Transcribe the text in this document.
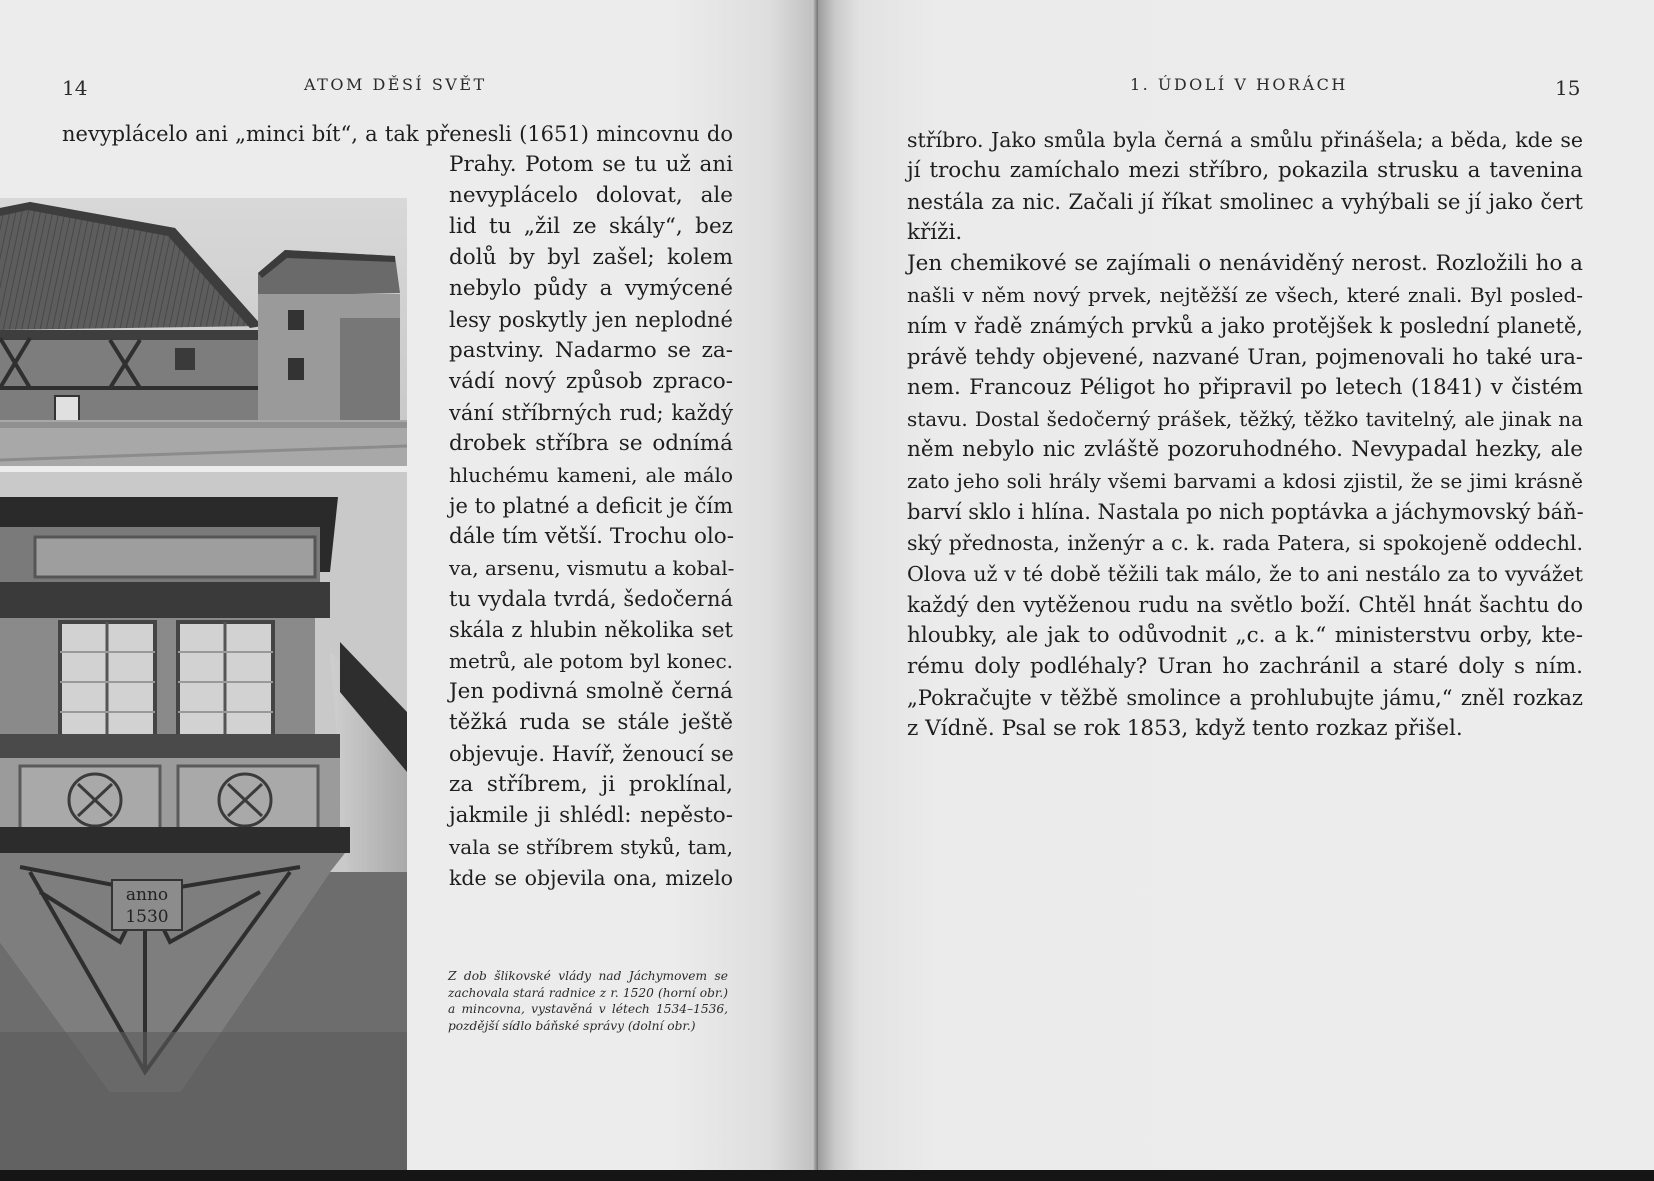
14	ATOM DĚSÍ SVĚT
anno
1530
nevyplácelo ani „minci bít“, a tak přenesli (1651) mincovnu do
Prahy. Potom se tu už ani
nevyplácelo dolovat, ale
lid tu „žil ze skály“, bez
dolů by byl zašel; kolem
nebylo půdy a vymýcené
lesy poskytly jen neplodné
pastviny. Nadarmo se za-
vádí nový způsob zpraco-
vání stříbrných rud; každý
drobek stříbra se odnímá
hluchému kameni, ale málo
je to platné a deficit je čím
dále tím větší. Trochu olo-
va, arsenu, vismutu a kobal-
tu vydala tvrdá, šedočerná
skála z hlubin několika set
metrů, ale potom byl konec.
Jen podivná smolně černá
těžká ruda se stále ještě
objevuje. Havíř, ženoucí se
za stříbrem, ji proklínal,
jakmile ji shlédl: nepěsto-
vala se stříbrem styků, tam,
kde se objevila ona, mizelo
Z dob šlikovské vlády nad Jáchymovem se zachovala stará radnice z r. 1520 (horní obr.) a mincovna, vystavěná v létech 1534–1536, pozdější sídlo báňské správy (dolní obr.)
1. ÚDOLÍ V HORÁCH	15
stříbro. Jako smůla byla černá a smůlu přinášela; a běda, kde se
jí trochu zamíchalo mezi stříbro, pokazila strusku a tavenina
nestála za nic. Začali jí říkat smolinec a vyhýbali se jí jako čert
kříži.
Jen chemikové se zajímali o nenáviděný nerost. Rozložili ho a
našli v něm nový prvek, nejtěžší ze všech, které znali. Byl posled-
ním v řadě známých prvků a jako protějšek k poslední planetě,
právě tehdy objevené, nazvané Uran, pojmenovali ho také ura-
nem. Francouz Péligot ho připravil po letech (1841) v čistém
stavu. Dostal šedočerný prášek, těžký, těžko tavitelný, ale jinak na
něm nebylo nic zvláště pozoruhodného. Nevypadal hezky, ale
zato jeho soli hrály všemi barvami a kdosi zjistil, že se jimi krásně
barví sklo i hlína. Nastala po nich poptávka a jáchymovský báň-
ský přednosta, inženýr a c. k. rada Patera, si spokojeně oddechl.
Olova už v té době těžili tak málo, že to ani nestálo za to vyvážet
každý den vytěženou rudu na světlo boží. Chtěl hnát šachtu do
hloubky, ale jak to odůvodnit „c. a k.“ ministerstvu orby, kte-
rému doly podléhaly? Uran ho zachránil a staré doly s ním.
„Pokračujte v těžbě smolince a prohlubujte jámu,“ zněl rozkaz
z Vídně. Psal se rok 1853, když tento rozkaz přišel.
